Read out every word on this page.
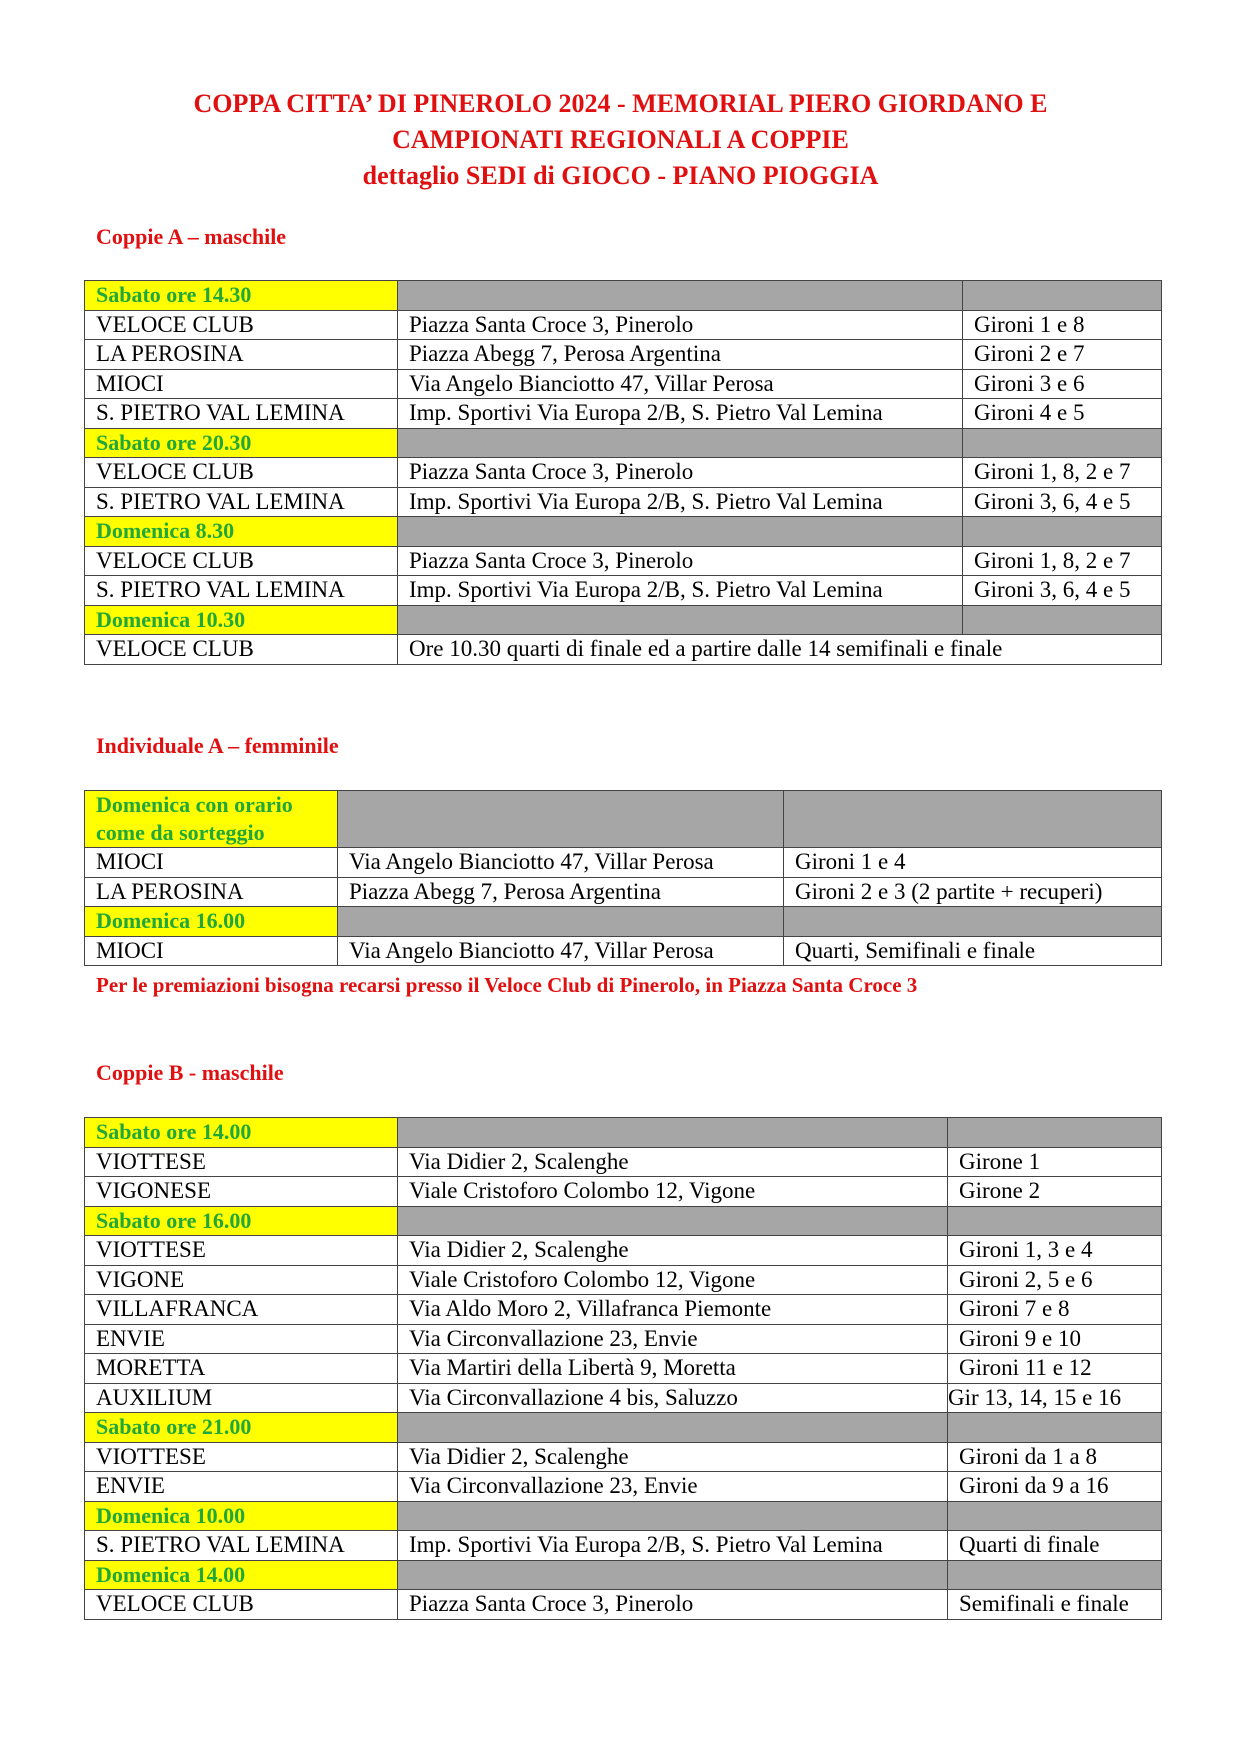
COPPA CITTA’ DI PINEROLO 2024 - MEMORIAL PIERO GIORDANO E
CAMPIONATI REGIONALI A COPPIE
dettaglio SEDI di GIOCO - PIANO PIOGGIA
Coppie A – maschile
Sabato ore 14.30		
VELOCE CLUB	Piazza Santa Croce 3, Pinerolo	Gironi 1 e 8
LA PEROSINA	Piazza Abegg 7, Perosa Argentina	Gironi 2 e 7
MIOCI	Via Angelo Bianciotto 47, Villar Perosa	Gironi 3 e 6
S. PIETRO VAL LEMINA	Imp. Sportivi Via Europa 2/B, S. Pietro Val Lemina	Gironi 4 e 5
Sabato ore 20.30		
VELOCE CLUB	Piazza Santa Croce 3, Pinerolo	Gironi 1, 8, 2 e 7
S. PIETRO VAL LEMINA	Imp. Sportivi Via Europa 2/B, S. Pietro Val Lemina	Gironi 3, 6, 4 e 5
Domenica 8.30		
VELOCE CLUB	Piazza Santa Croce 3, Pinerolo	Gironi 1, 8, 2 e 7
S. PIETRO VAL LEMINA	Imp. Sportivi Via Europa 2/B, S. Pietro Val Lemina	Gironi 3, 6, 4 e 5
Domenica 10.30		
VELOCE CLUB	Ore 10.30 quarti di finale ed a partire dalle 14 semifinali e finale	
Individuale A – femminile
Domenica con orario come da sorteggio		
MIOCI	Via Angelo Bianciotto 47, Villar Perosa	Gironi 1 e 4
LA PEROSINA	Piazza Abegg 7, Perosa Argentina	Gironi 2 e 3 (2 partite + recuperi)
Domenica 16.00		
MIOCI	Via Angelo Bianciotto 47, Villar Perosa	Quarti, Semifinali e finale

Per le premiazioni bisogna recarsi presso il Veloce Club di Pinerolo, in Piazza Santa Croce 3

Coppie B - maschile
Sabato ore 14.00		
VIOTTESE	Via Didier 2, Scalenghe	Girone 1
VIGONESE	Viale Cristoforo Colombo 12, Vigone	Girone 2
Sabato ore 16.00		
VIOTTESE	Via Didier 2, Scalenghe	Gironi 1, 3 e 4
VIGONE	Viale Cristoforo Colombo 12, Vigone	Gironi 2, 5 e 6
VILLAFRANCA	Via Aldo Moro 2, Villafranca Piemonte	Gironi 7 e 8
ENVIE	Via Circonvallazione 23, Envie	Gironi 9 e 10
MORETTA	Via Martiri della Libertà 9, Moretta	Gironi 11 e 12
AUXILIUM	Via Circonvallazione 4 bis, Saluzzo	Gir 13, 14, 15 e 16
Sabato ore 21.00		
VIOTTESE	Via Didier 2, Scalenghe	Gironi da 1 a 8
ENVIE	Via Circonvallazione 23, Envie	Gironi da 9 a 16
Domenica 10.00		
S. PIETRO VAL LEMINA	Imp. Sportivi Via Europa 2/B, S. Pietro Val Lemina	Quarti di finale
Domenica 14.00		
VELOCE CLUB	Piazza Santa Croce 3, Pinerolo	Semifinali e finale
